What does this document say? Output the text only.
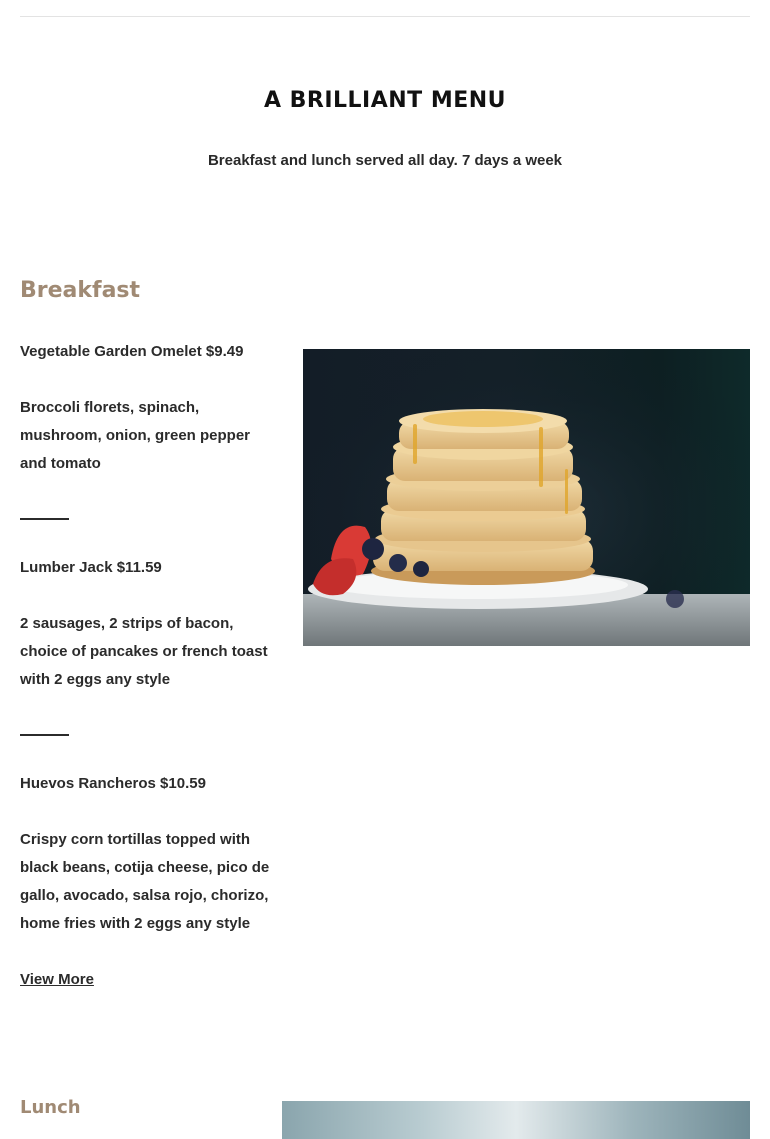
A BRILLIANT MENU

Breakfast and lunch served all day. 7 days a week

Breakfast

Vegetable Garden Omelet $9.49

Broccoli florets, spinach, mushroom, onion, green pepper and tomato

Lumber Jack $11.59

2 sausages, 2 strips of bacon, choice of pancakes or french toast with 2 eggs any style

Huevos Rancheros $10.59

Crispy corn tortillas topped with black beans, cotija cheese, pico de gallo, avocado, salsa rojo, chorizo, home fries with 2 eggs any style

View More
Lunch
